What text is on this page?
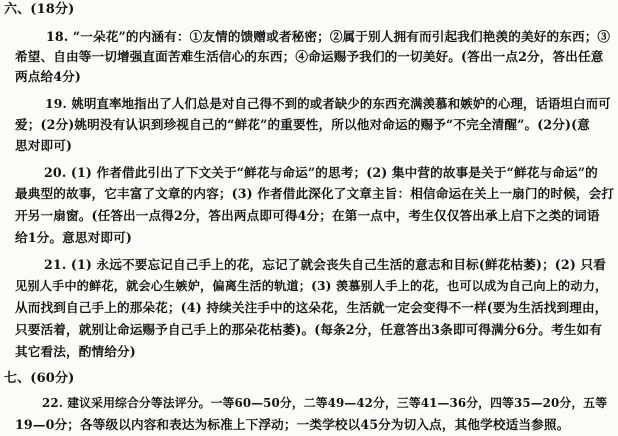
六、(18分)
18. “一朵花”的内涵有：①友情的馈赠或者秘密；②属于别人拥有而引起我们艳羡的美好的东西；③
希望、自由等一切增强直面苦难生活信心的东西；④命运赐予我们的一切美好。(答出一点2分，答出任意
两点给4分)
19. 姚明直率地指出了人们总是对自己得不到的或者缺少的东西充满羡慕和嫉妒的心理，话语坦白而可
爱；(2分)姚明没有认识到珍视自己的“鲜花”的重要性，所以他对命运的赐予“不完全清醒”。(2分)(意
思对即可)
20. (1) 作者借此引出了下文关于“鲜花与命运”的思考；(2) 集中营的故事是关于“鲜花与命运”的
最典型的故事，它丰富了文章的内容；(3) 作者借此深化了文章主旨：相信命运在关上一扇门的时候，会打
开另一扇窗。(任答出一点得2分，答出两点即可得4分；在第一点中，考生仅仅答出承上启下之类的词语
给1分。意思对即可)
21. (1) 永远不要忘记自己手上的花，忘记了就会丧失自己生活的意志和目标(鲜花枯萎)；(2) 只看
见别人手中的鲜花，就会心生嫉妒，偏离生活的轨道；(3) 羡慕别人手上的花，也可以成为自己向上的动力，
从而找到自己手上的那朵花；(4) 持续关注手中的这朵花，生活就一定会变得不一样(要为生活找到理由，
只要活着，就别让命运赐予自己手上的那朵花枯萎)。(每条2分，任意答出3条即可得满分6分。考生如有
其它看法，酌情给分)
七、(60分)
22. 建议采用综合分等法评分。一等60—50分，二等49—42分，三等41—36分，四等35—20分，五等
19—0分；各等级以内容和表达为标准上下浮动；一类学校以45分为切入点，其他学校适当参照。
